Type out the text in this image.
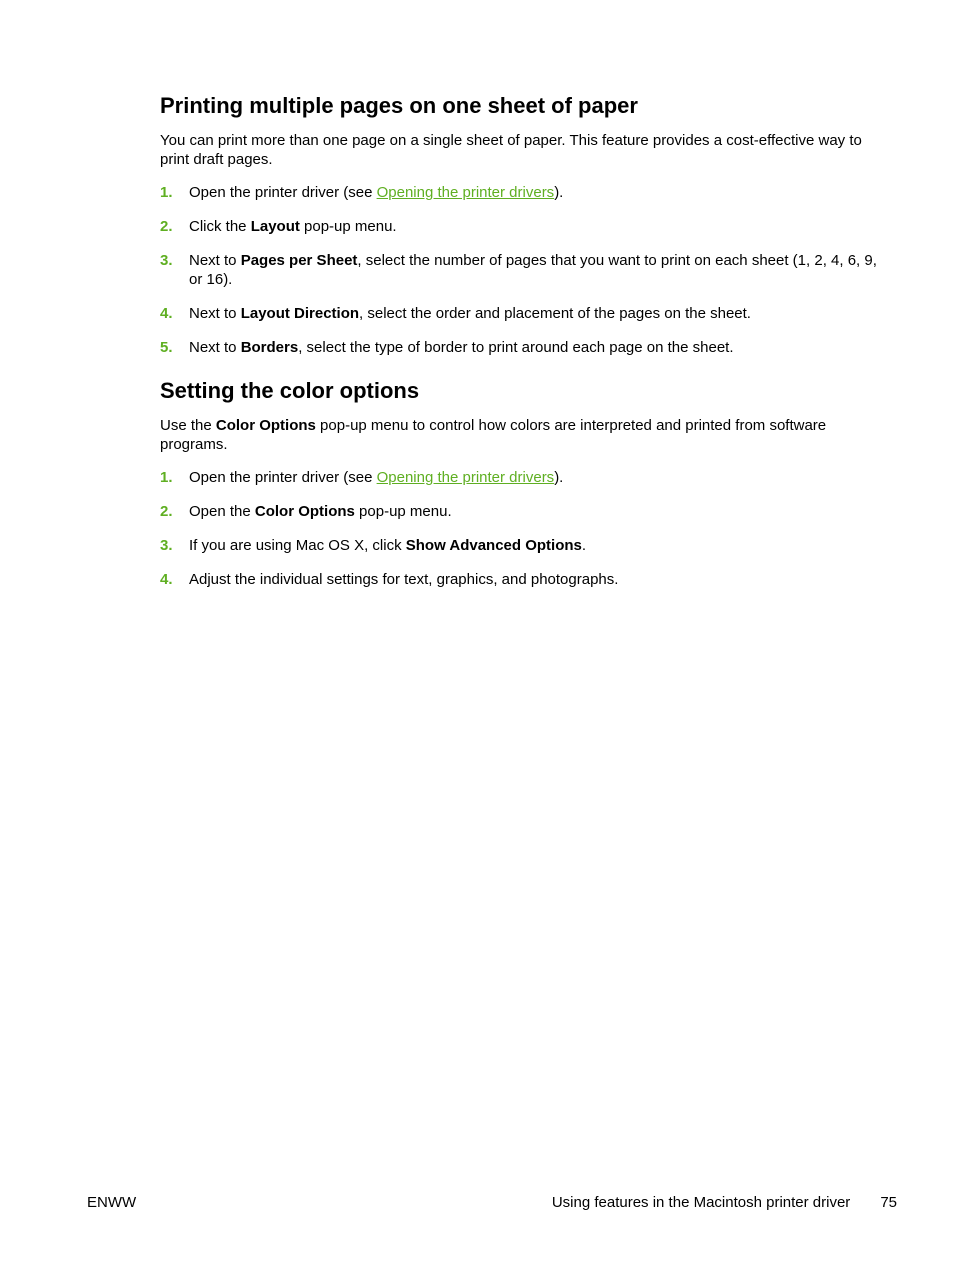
Printing multiple pages on one sheet of paper

You can print more than one page on a single sheet of paper. This feature provides a cost-effective way to print draft pages.

1. Open the printer driver (see Opening the printer drivers).
2. Click the Layout pop-up menu.
3. Next to Pages per Sheet, select the number of pages that you want to print on each sheet (1, 2, 4, 6, 9, or 16).
4. Next to Layout Direction, select the order and placement of the pages on the sheet.
5. Next to Borders, select the type of border to print around each page on the sheet.
Setting the color options

Use the Color Options pop-up menu to control how colors are interpreted and printed from software programs.

1. Open the printer driver (see Opening the printer drivers).
2. Open the Color Options pop-up menu.
3. If you are using Mac OS X, click Show Advanced Options.
4. Adjust the individual settings for text, graphics, and photographs.
ENWW	Using features in the Macintosh printer driver 75
